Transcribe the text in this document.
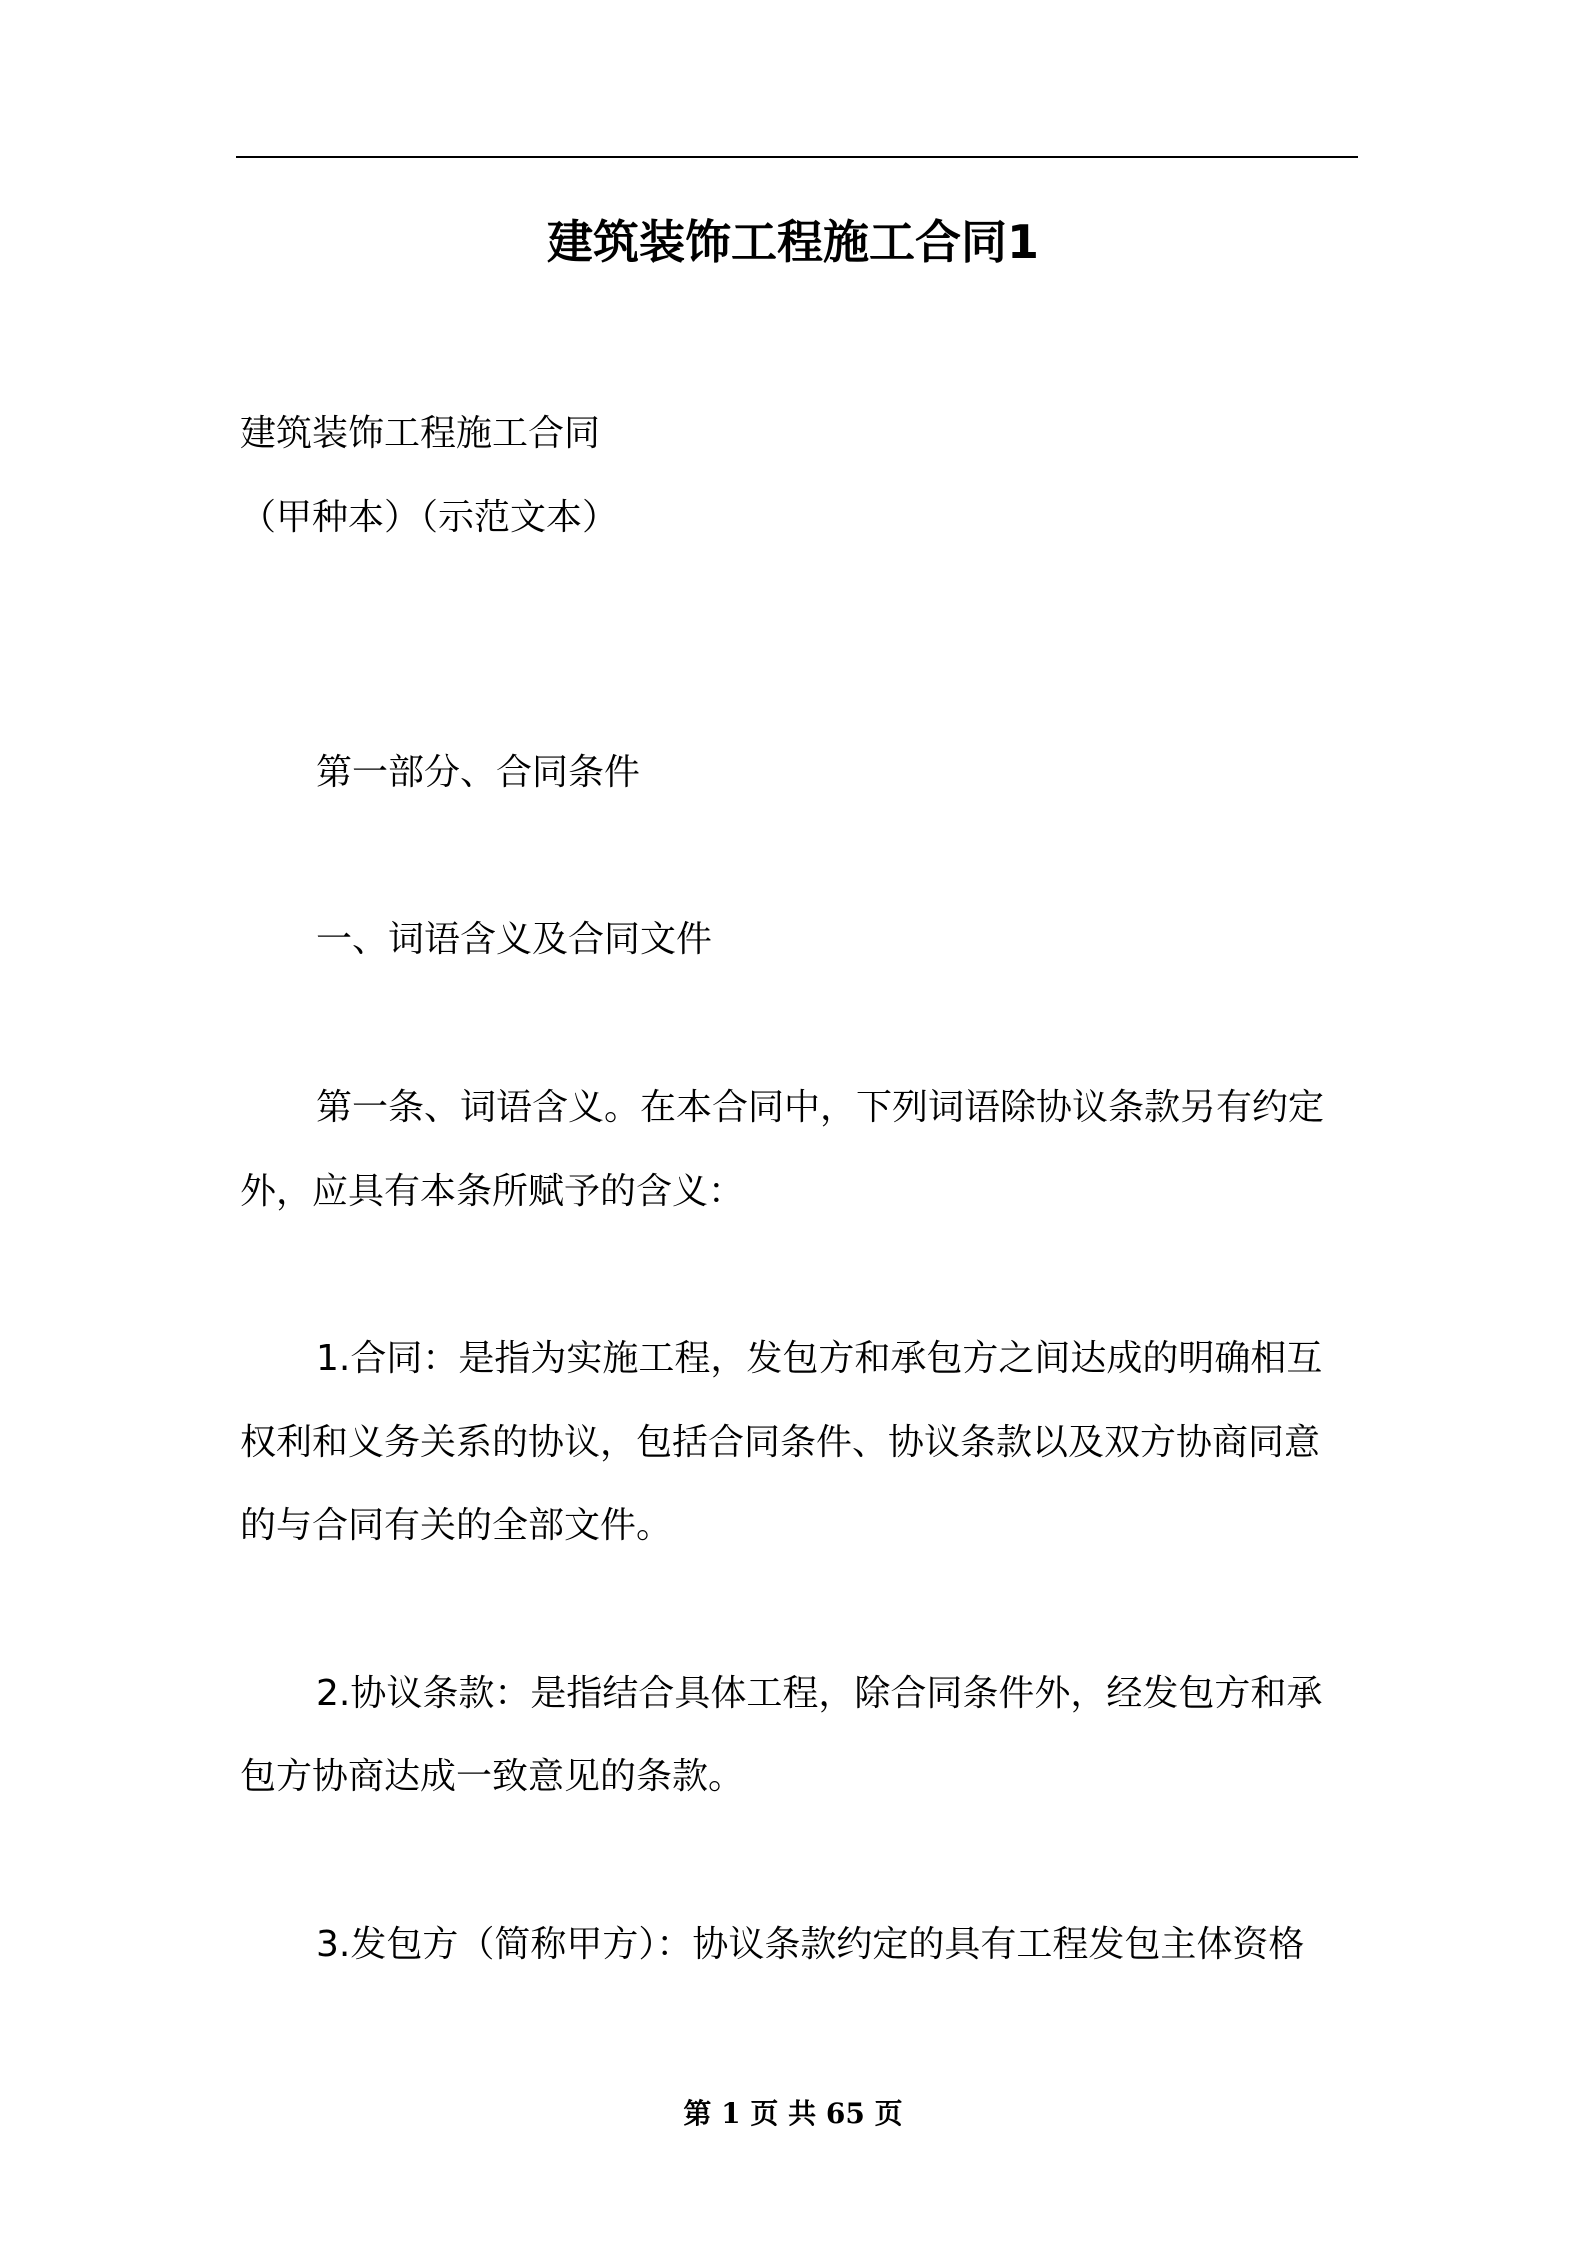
建筑装饰工程施工合同1
建筑装饰工程施工合同
（甲种本）（示范文本）
第一部分、合同条件
一、词语含义及合同文件
第一条、词语含义。在本合同中，下列词语除协议条款另有约定
外，应具有本条所赋予的含义：
1.合同：是指为实施工程，发包方和承包方之间达成的明确相互
权利和义务关系的协议，包括合同条件、协议条款以及双方协商同意
的与合同有关的全部文件。
2.协议条款：是指结合具体工程，除合同条件外，经发包方和承
包方协商达成一致意见的条款。
3.发包方（简称甲方）：协议条款约定的具有工程发包主体资格
第 1 页 共 65 页
